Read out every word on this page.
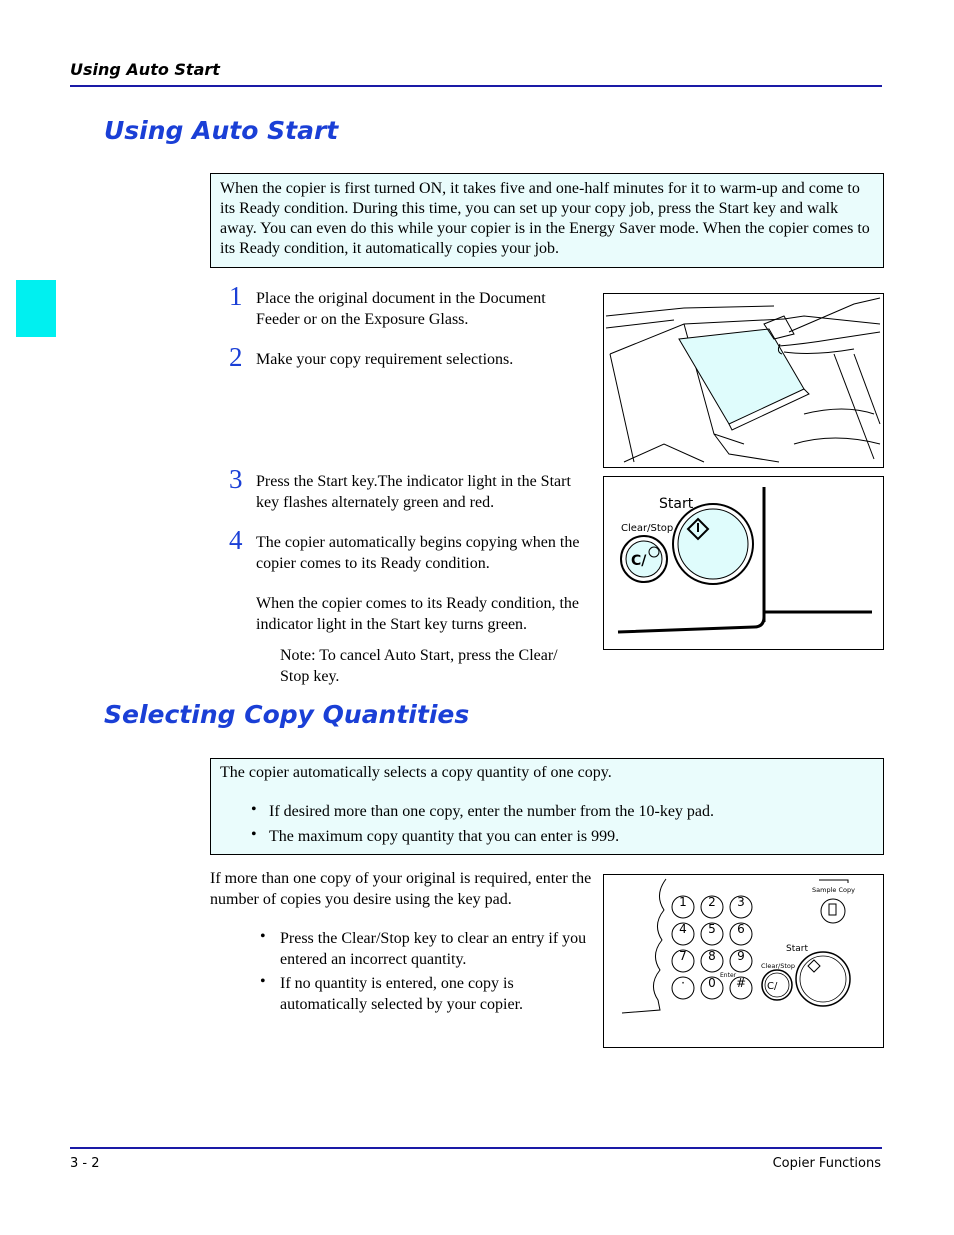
Using Auto Start
Using Auto Start
When the copier is first turned ON, it takes five and one-half minutes for it to warm-up and come to its Ready condition. During this time, you can set up your copy job, press the Start key and walk away. You can even do this while your copier is in the Energy Saver mode. When the copier comes to its Ready condition, it automatically copies your job.
1 Place the original document in the Document Feeder or on the Exposure Glass.
2 Make your copy requirement selections.
3 Press the Start key.The indicator light in the Start key flashes alternately green and red.
4 The copier automatically begins copying when the copier comes to its Ready condition.
When the copier comes to its Ready condition, the indicator light in the Start key turns green.
Note: To cancel Auto Start, press the Clear/ Stop key.
Start
Clear/Stop
C/
Selecting Copy Quantities
The copier automatically selects a copy quantity of one copy.
• If desired more than one copy, enter the number from the 10-key pad.
• The maximum copy quantity that you can enter is 999.
If more than one copy of your original is required, enter the number of copies you desire using the key pad.
• Press the Clear/Stop key to clear an entry if you entered an incorrect quantity.
• If no quantity is entered, one copy is automatically selected by your copier.
1 2 3
4 5 6
7 8 9
· 0 #
Enter
Sample Copy
Start
Clear/Stop
C/
3 - 2	Copier Functions
